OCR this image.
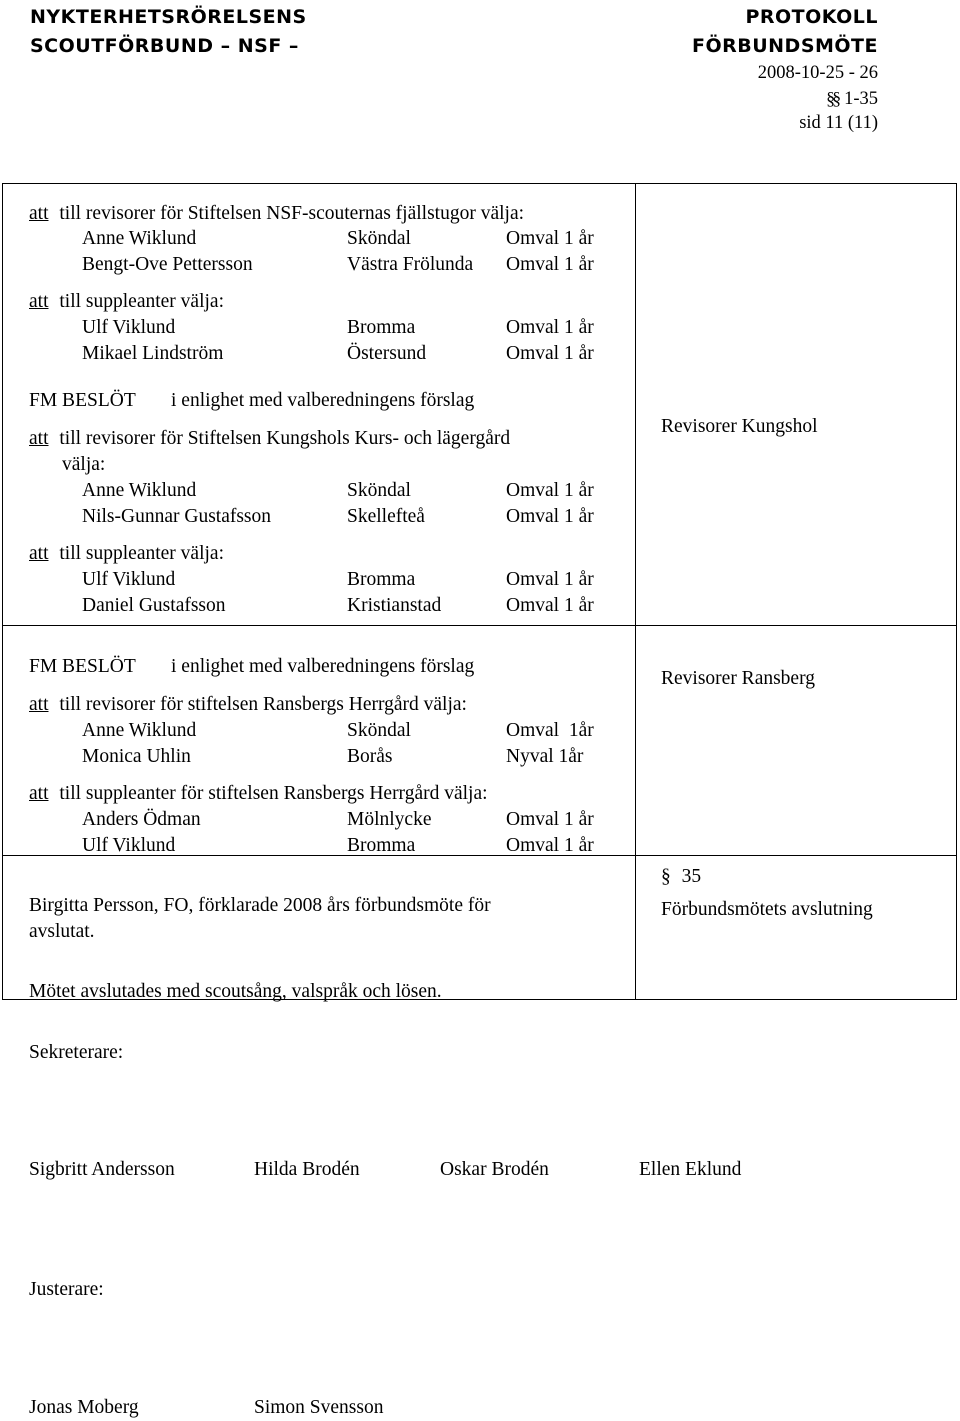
NYKTERHETSRÖRELSENS
SCOUTFÖRBUND – NSF –
PROTOKOLL
FÖRBUNDSMÖTE
2008-10-25 - 26
§§ 1-35
sid 11 (11)
att till revisorer för Stiftelsen NSF-scouternas fjällstugor välja:
Anne Wiklund	Sköndal	Omval 1 år
Bengt-Ove Pettersson	Västra Frölunda Omval 1 år
att till suppleanter välja:
Ulf Viklund	Bromma	Omval 1 år
Mikael Lindström	Östersund	Omval 1 år
FM BESLÖT i enlighet med valberedningens förslag
att till revisorer för Stiftelsen Kungshols Kurs- och lägergård
välja:
Revisorer Kungshol
Anne Wiklund	Sköndal	Omval 1 år
Nils-Gunnar Gustafsson	Skellefteå	Omval 1 år
att till suppleanter välja:
Ulf Viklund	Bromma	Omval 1 år
Daniel Gustafsson	Kristianstad	Omval 1 år
FM BESLÖT i enlighet med valberedningens förslag
att till revisorer för stiftelsen Ransbergs Herrgård välja:
Revisorer Ransberg
Anne Wiklund	Sköndal	Omval  1år
Monica Uhlin	Borås	Nyval 1år
att till suppleanter för stiftelsen Ransbergs Herrgård välja:
Anders Ödman	Mölnlycke	Omval 1 år
Ulf Viklund	Bromma	Omval 1 år
Birgitta Persson, FO, förklarade 2008 års förbundsmöte för
avslutat.
§ 35
Förbundsmötets avslutning
Mötet avslutades med scoutsång, valspråk och lösen.
Sekreterare:
Sigbritt Andersson	Hilda Brodén	Oskar Brodén	Ellen Eklund
Justerare:
Jonas Moberg	Simon Svensson
